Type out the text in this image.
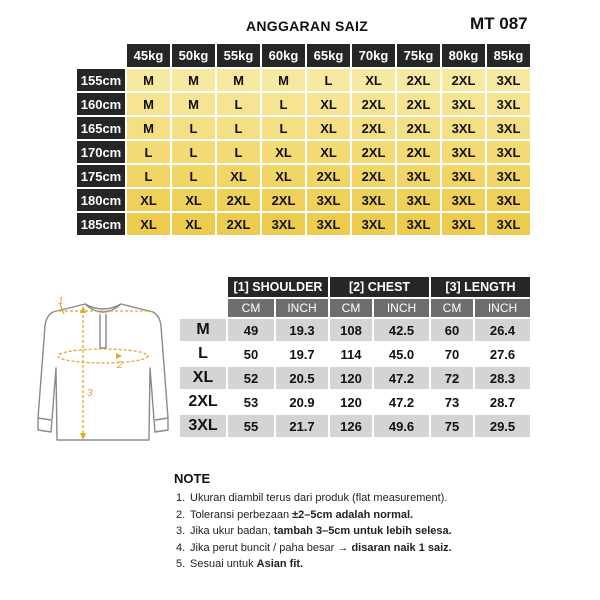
ANGGARAN SAIZ	MT 087
	45kg	50kg	55kg	60kg	65kg	70kg	75kg	80kg	85kg
155cm	M	M	M	M	L	XL	2XL	2XL	3XL
160cm	M	M	L	L	XL	2XL	2XL	3XL	3XL
165cm	M	L	L	L	XL	2XL	2XL	3XL	3XL
170cm	L	L	L	XL	XL	2XL	2XL	3XL	3XL
175cm	L	L	XL	XL	2XL	2XL	3XL	3XL	3XL
180cm	XL	XL	2XL	2XL	3XL	3XL	3XL	3XL	3XL
185cm	XL	XL	2XL	3XL	3XL	3XL	3XL	3XL	3XL
1
2
3
	[1] SHOULDER		[2] CHEST		[3] LENGTH	
	CM	INCH	CM	INCH	CM	INCH
M	49	19.3	108	42.5	60	26.4
L	50	19.7	114	45.0	70	27.6
XL	52	20.5	120	47.2	72	28.3
2XL	53	20.9	120	47.2	73	28.7
3XL	55	21.7	126	49.6	75	29.5
NOTE
1. Ukuran diambil terus dari produk (flat measurement).
2. Toleransi perbezaan ±2–5cm adalah normal.
3. Jika ukur badan, tambah 3–5cm untuk lebih selesa.
4. Jika perut buncit / paha besar → disaran naik 1 saiz.
5. Sesuai untuk Asian fit.
